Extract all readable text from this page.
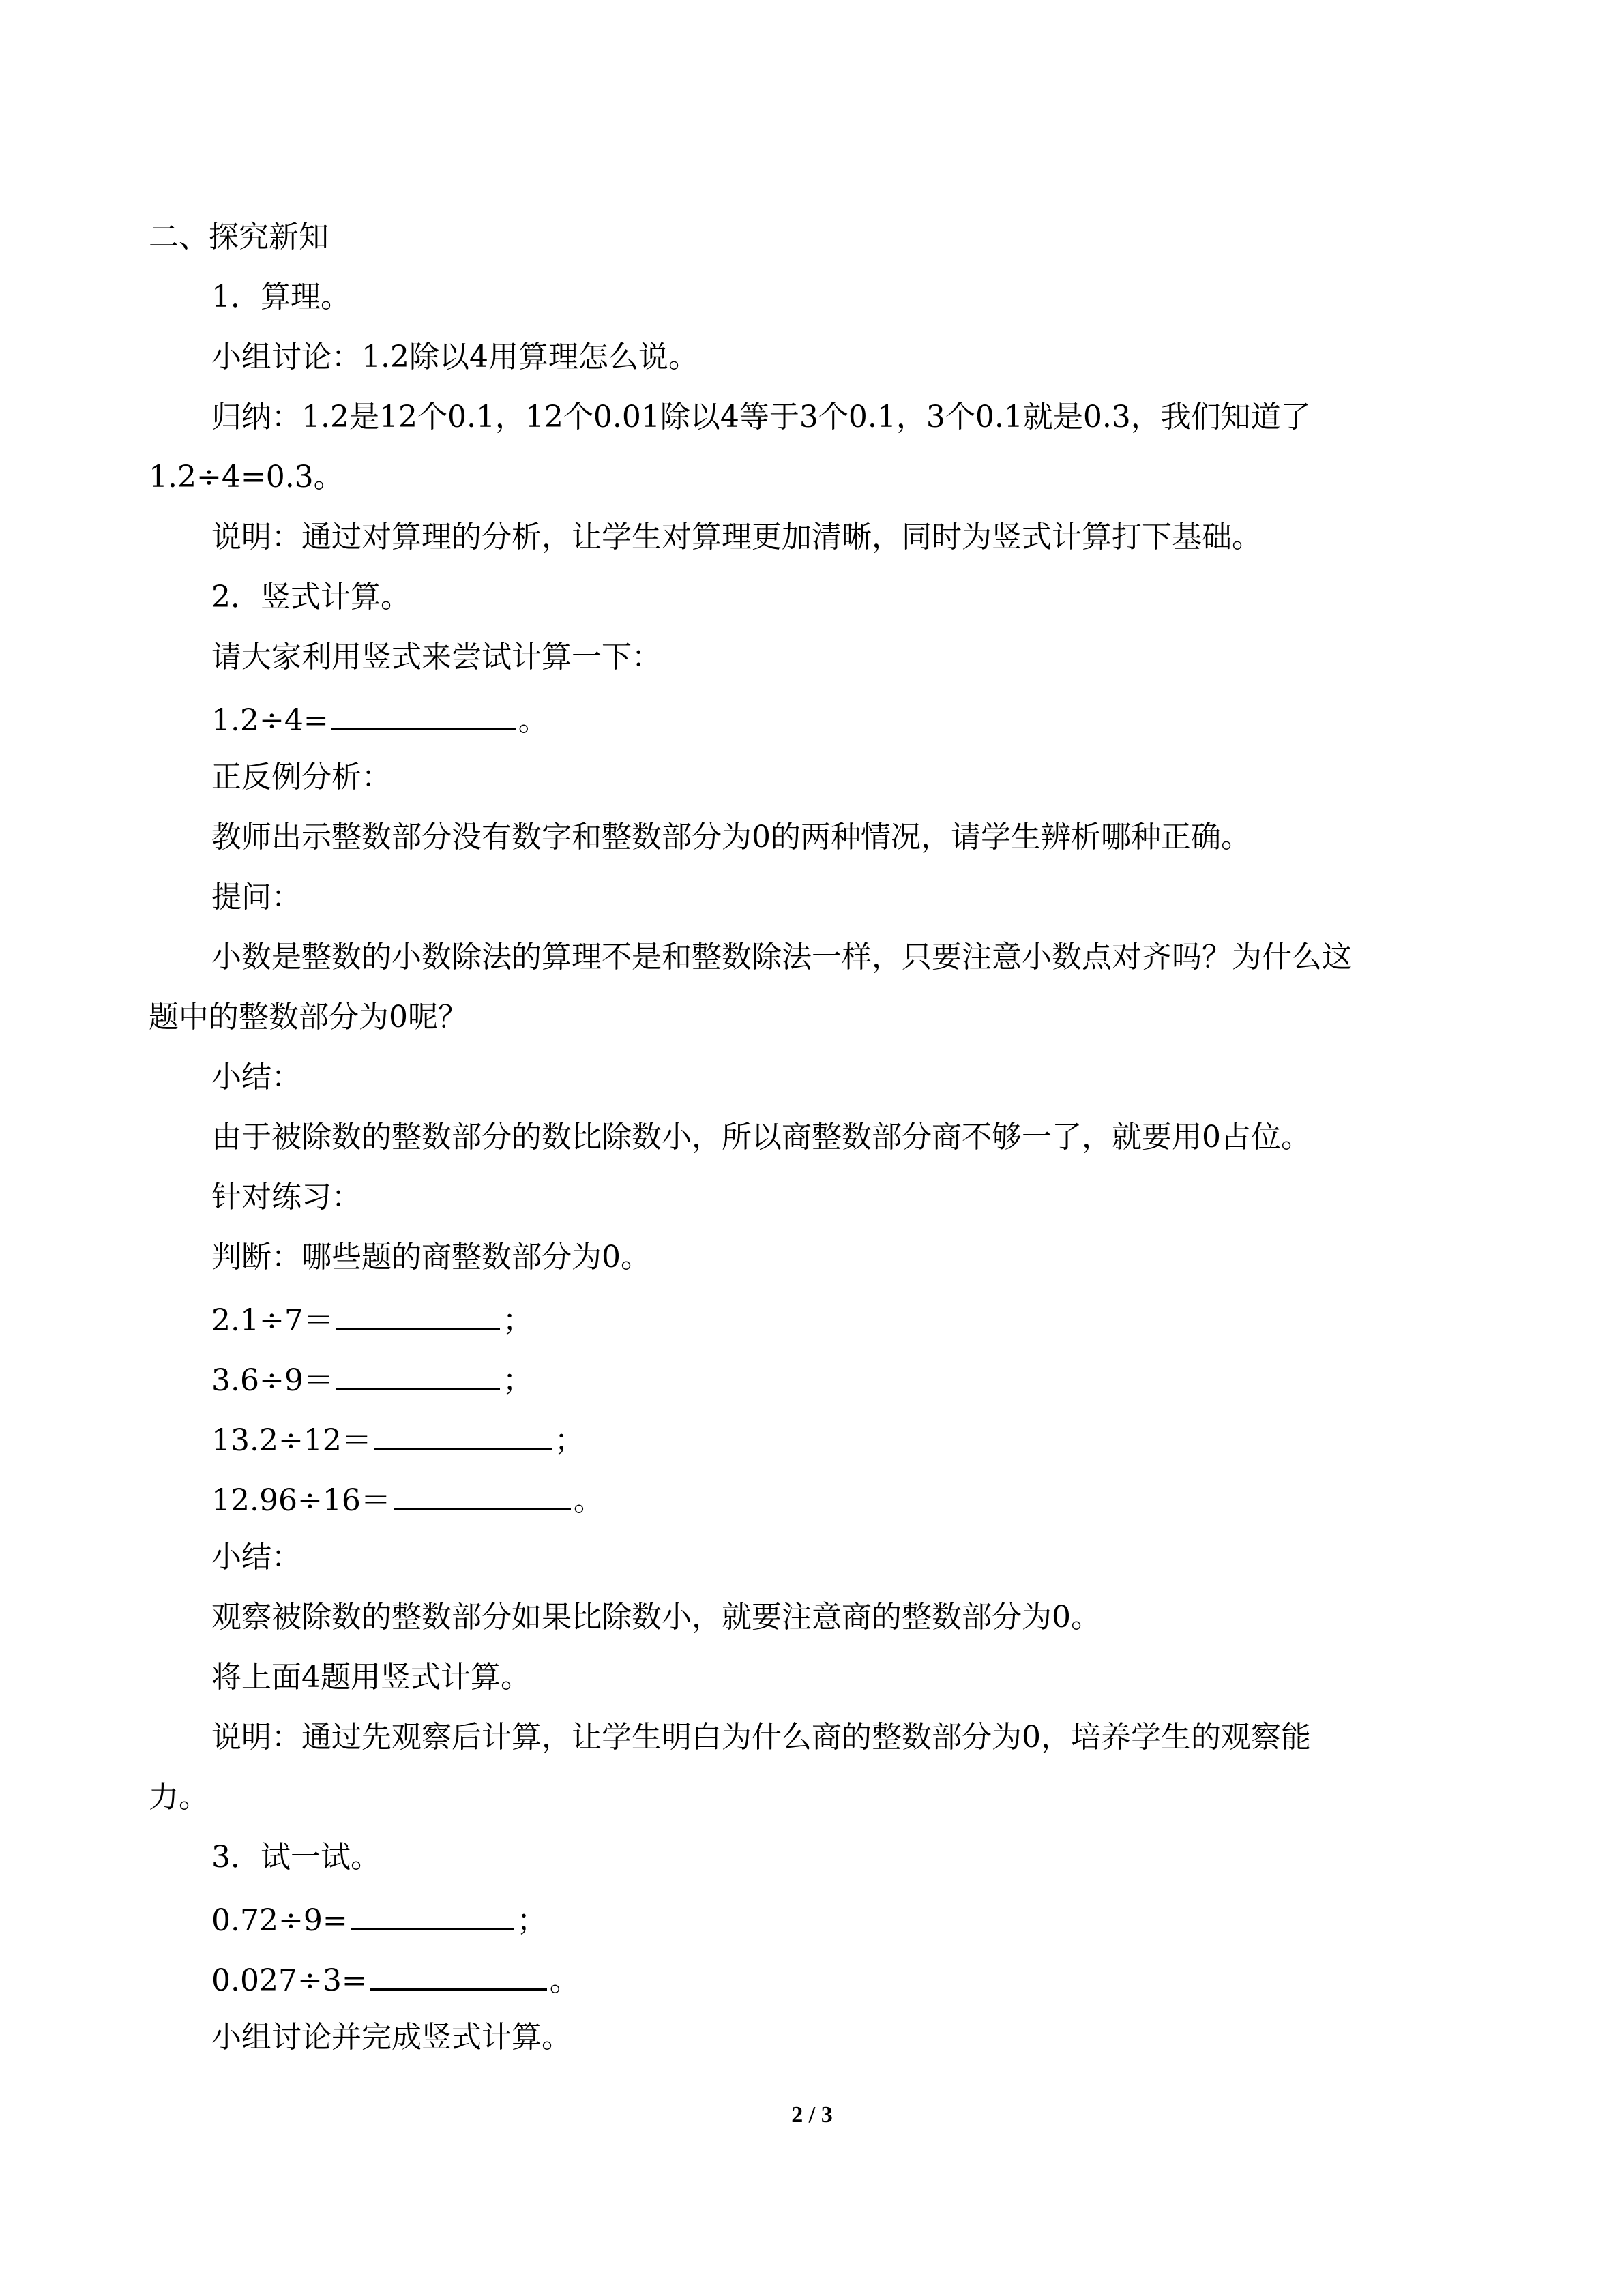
二、探究新知
1．算理。
小组讨论：1.2除以4用算理怎么说。
归纳：1.2是12个0.1，12个0.01除以4等于3个0.1，3个0.1就是0.3，我们知道了
1.2÷4=0.3。
说明：通过对算理的分析，让学生对算理更加清晰，同时为竖式计算打下基础。
2．竖式计算。
请大家利用竖式来尝试计算一下：
1.2÷4=	。
正反例分析：
教师出示整数部分没有数字和整数部分为0的两种情况，请学生辨析哪种正确。
提问：
小数是整数的小数除法的算理不是和整数除法一样，只要注意小数点对齐吗？为什么这
题中的整数部分为0呢？
小结：
由于被除数的整数部分的数比除数小，所以商整数部分商不够一了，就要用0占位。
针对练习：
判断：哪些题的商整数部分为0。
2.1÷7＝	；
3.6÷9＝	；
13.2÷12＝	；
12.96÷16＝	。
小结：
观察被除数的整数部分如果比除数小，就要注意商的整数部分为0。
将上面4题用竖式计算。
说明：通过先观察后计算，让学生明白为什么商的整数部分为0，培养学生的观察能
力。
3．试一试。
0.72÷9=	；
0.027÷3=	。
小组讨论并完成竖式计算。
2 / 3
